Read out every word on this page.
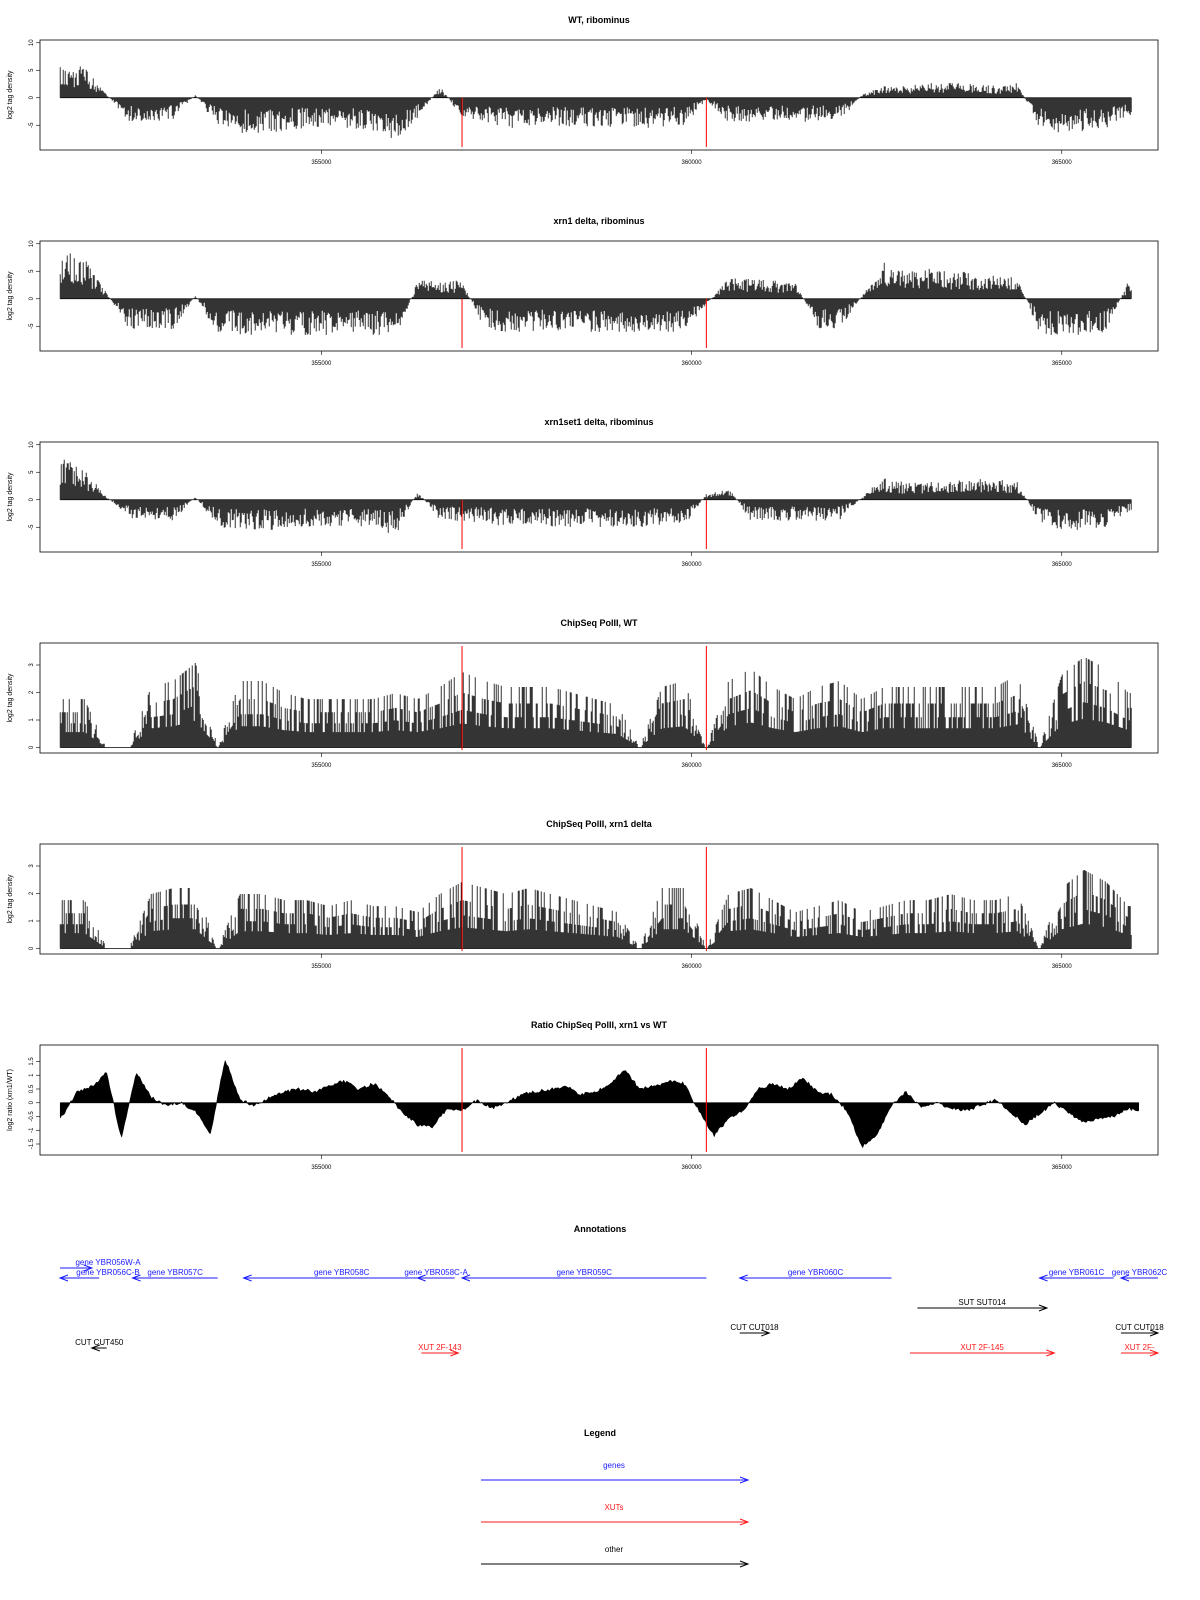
WT, ribominus
-5
0
5
10
log2 tag density
355000	360000	365000
xrn1 delta, ribominus
-5
0
5
10
log2 tag density
355000	360000	365000
xrn1set1 delta, ribominus
-5
0
5
10
log2 tag density
355000	360000	365000
ChipSeq PolII, WT
0
1
2
3
log2 tag density
355000	360000	365000
ChipSeq PolII, xrn1 delta
0
1
2
3
log2 tag density
355000	360000	365000
Ratio ChipSeq PolII, xrn1 vs WT
-1.5
-1
-0.5
0
0.5
1
1.5
log2 ratio (xrn1/WT)
355000	360000	365000
Annotations
gene YBR056W-A
gene YBR056C-B gene YBR057C	gene YBR058C	gene YBR058C-A	gene YBR059C	gene YBR060C	gene YBR061C gene YBR062C
SUT SUT014
CUT CUT018	CUT CUT018
CUT CUT450
XUT 2F-143	XUT 2F-145	XUT 2F-
Legend
genes
XUTs
other
